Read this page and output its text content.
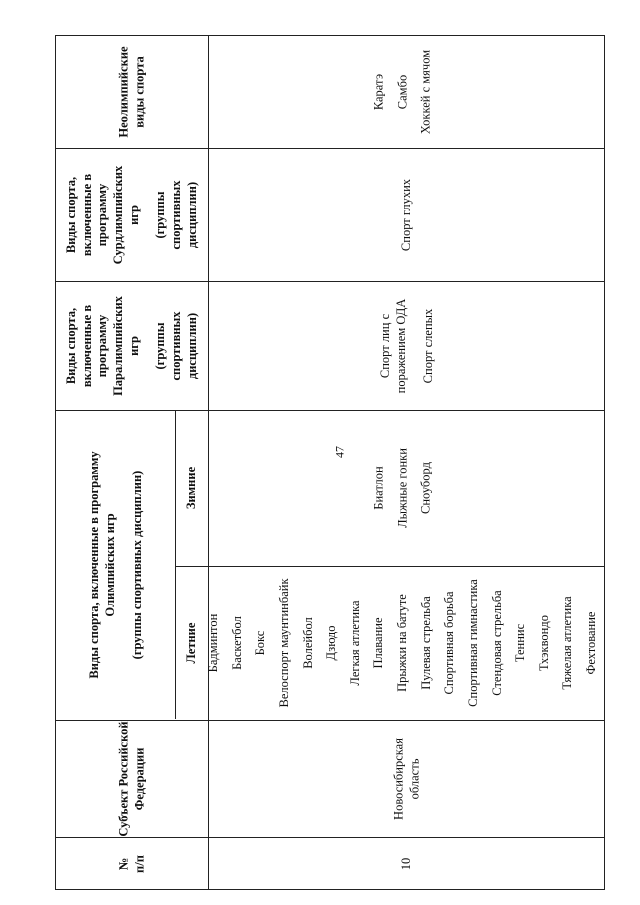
47
№ п/п
Субъект Российской Федерации
Виды спорта, включенные в программу Олимпийских игр (группы спортивных дисциплин)	Летние
Зимние
Виды спорта, включенные в программу Паралимпийских игр (группы спортивных дисциплин)
Виды спорта, включенные в программу Сурдлимпийских игр (группы спортивных дисциплин)
Неолимпийские виды спорта
10
Новосибирская область
Бадминтон Баскетбол Бокс Велоспорт маунтинбайк Волейбол Дзюдо Легкая атлетика Плавание Прыжки на батуте Пулевая стрельба Спортивная борьба Спортивная гимнастика Стендовая стрельба Теннис Тхэквондо Тяжелая атлетика Фехтование
Биатлон Лыжные гонки Сноуборд
Спорт лиц с поражением ОДА Спорт слепых
Спорт глухих
Каратэ Самбо Хоккей с мячом
